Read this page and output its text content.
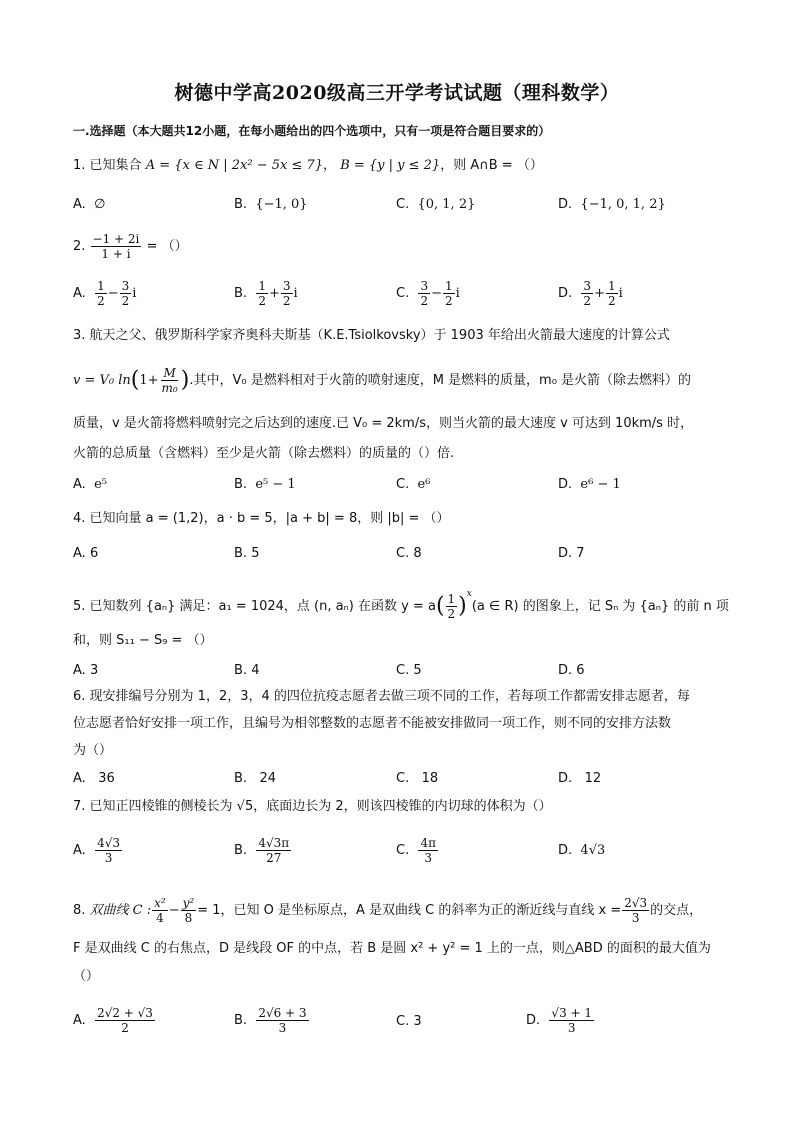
树德中学高2020级高三开学考试试题（理科数学）
一.选择题（本大题共12小题，在每小题给出的四个选项中，只有一项是符合题目要求的）
1. 已知集合 A = {x ∈ N | 2x² − 5x ≤ 7}， B = {y | y ≤ 2}，则 A∩B = （）
A. ∅	B. {−1, 0}	C. {0, 1, 2}	D. {−1, 0, 1, 2}
2. $\frac{-1 + 2i}{1 + i}$ = （）
A. $\frac{1}{2} - \frac{3}{2}$ i	B. $\frac{1}{2} + \frac{3}{2}$ i	C. $\frac{3}{2} - \frac{1}{2}$ i	D. $\frac{3}{2} + \frac{1}{2}$ i
3. 航天之父、俄罗斯科学家齐奥科夫斯基（K.E.Tsiolkovsky）于 1903 年给出火箭最大速度的计算公式
v = V₀ $\ln(1+ \frac{M}{\text{m₀}}$ ).其中，V₀ 是燃料相对于火箭的喷射速度，M 是燃料的质量，m₀ 是火箭（除去燃料）的
质量，v 是火箭将燃料喷射完之后达到的速度.已 V₀ = 2km/s，则当火箭的最大速度 v 可达到 10km/s 时，
火箭的总质量（含燃料）至少是火箭（除去燃料）的质量的（）倍.
A. e⁵	B. e⁵ − 1	C. e⁶	D. e⁶ − 1
4. 已知向量 a = (1,2)，a · b = 5，|a + b| = 8，则 |b| = （）
A. 6	B. 5	C. 8	D. 7
5. 已知数列 {aₙ} 满足：a₁ = 1024，点 (n, aₙ) 在函数 $y = a( \frac{1}{2} )^x(a$ ∈ R) 的图象上，记 Sₙ 为 {aₙ} 的前 n 项
和，则 S₁₁ − S₉ = （）
A. 3	B. 4	C. 5	D. 6
6. 现安排编号分别为 1，2，3，4 的四位抗疫志愿者去做三项不同的工作，若每项工作都需安排志愿者，每
位志愿者恰好安排一项工作，且编号为相邻整数的志愿者不能被安排做同一项工作，则不同的安排方法数
为（）
A. 36	B. 24	C. 18	D. 12
7. 已知正四棱锥的侧棱长为 √5，底面边长为 2，则该四棱锥的内切球的体积为（）
A. $\frac{4√3}{3}$	B. $\frac{4√3\pi}{27}$	C. $\frac{4\pi}{3}$	D. 4√3
8. 双曲线 C : $\frac{\text{x²}}{4} - \frac{\text{y²}}{8} = 1$，已知 O 是坐标原点，A 是双曲线 C 的斜率为正的渐近线与直线 $x = \frac{2√3}{3}$ 的交点，
F 是双曲线 C 的右焦点，D 是线段 OF 的中点，若 B 是圆 x² + y² = 1 上的一点，则△ABD 的面积的最大值为
（）
A. $\frac{2√2 + √3}{2}$	B. $\frac{2√6 + 3}{3}$	C. 3	D. $\frac{√3 + 1}{3}$
